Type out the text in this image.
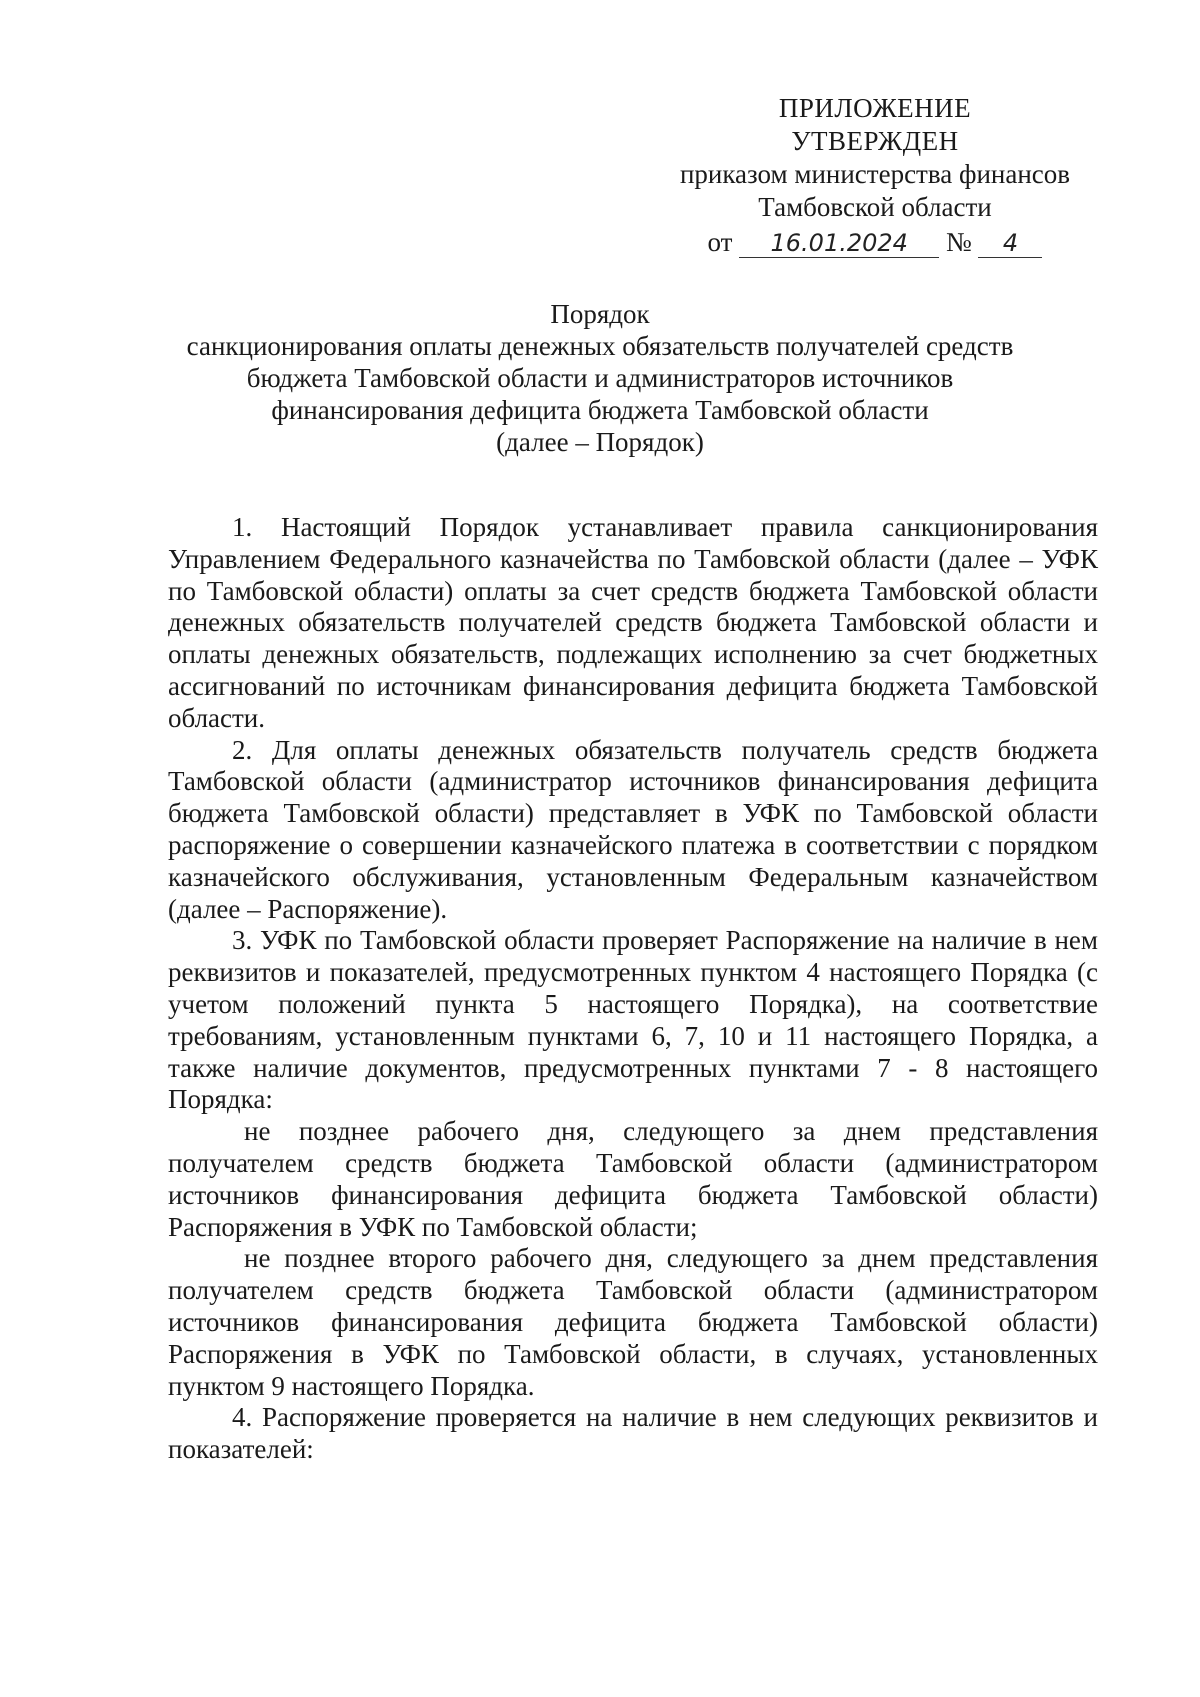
ПРИЛОЖЕНИЕ
УТВЕРЖДЕН
приказом министерства финансов
Тамбовской области
от 16.01.2024 № 4
Порядок
санкционирования оплаты денежных обязательств получателей средств
бюджета Тамбовской области и администраторов источников
финансирования дефицита бюджета Тамбовской области
(далее – Порядок)

1. Настоящий Порядок устанавливает правила санкционирования Управлением Федерального казначейства по Тамбовской области (далее – УФК по Тамбовской области) оплаты за счет средств бюджета Тамбовской области денежных обязательств получателей средств бюджета Тамбовской области и оплаты денежных обязательств, подлежащих исполнению за счет бюджетных ассигнований по источникам финансирования дефицита бюджета Тамбовской области.

2. Для оплаты денежных обязательств получатель средств бюджета Тамбовской области (администратор источников финансирования дефицита бюджета Тамбовской области) представляет в УФК по Тамбовской области распоряжение о совершении казначейского платежа в соответствии с порядком казначейского обслуживания, установленным Федеральным казначейством (далее – Распоряжение).

3. УФК по Тамбовской области проверяет Распоряжение на наличие в нем реквизитов и показателей, предусмотренных пунктом 4 настоящего Порядка (с учетом положений пункта 5 настоящего Порядка), на соответствие требованиям, установленным пунктами 6, 7, 10 и 11 настоящего Порядка, а также наличие документов, предусмотренных пунктами 7 - 8 настоящего Порядка:

не позднее рабочего дня, следующего за днем представления получателем средств бюджета Тамбовской области (администратором источников финансирования дефицита бюджета Тамбовской области) Распоряжения в УФК по Тамбовской области;

не позднее второго рабочего дня, следующего за днем представления получателем средств бюджета Тамбовской области (администратором источников финансирования дефицита бюджета Тамбовской области) Распоряжения в УФК по Тамбовской области, в случаях, установленных пунктом 9 настоящего Порядка.

4. Распоряжение проверяется на наличие в нем следующих реквизитов и показателей:
